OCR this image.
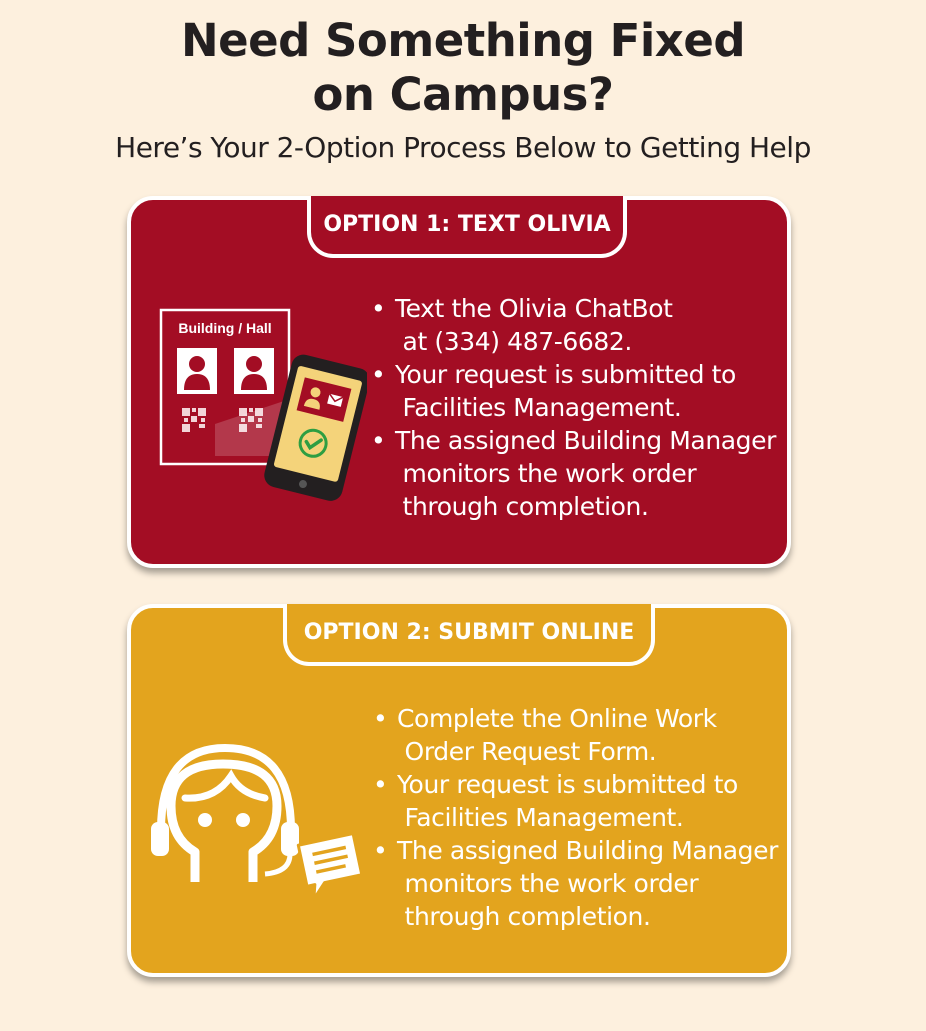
Need Something Fixed
on Campus?
Here’s Your 2-Option Process Below to Getting Help
OPTION 1: TEXT OLIVIA
Building / Hall
• Text the Olivia ChatBot
at (334) 487-6682.
• Your request is submitted to
Facilities Management.
• The assigned Building Manager
monitors the work order
through completion.
OPTION 2: SUBMIT ONLINE
• Complete the Online Work
Order Request Form.
• Your request is submitted to
Facilities Management.
• The assigned Building Manager
monitors the work order
through completion.
